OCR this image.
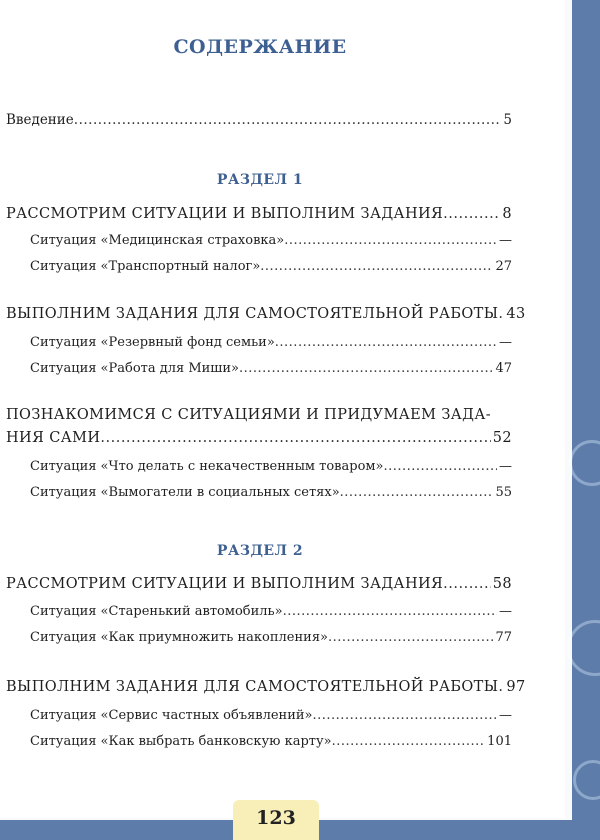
СОДЕРЖАНИЕ
Введение .....	5
РАЗДЕЛ 1
РАССМОТРИМ СИТУАЦИИ И ВЫПОЛНИМ ЗАДАНИЯ .....	8
Ситуация «Медицинская страховка» .....	—
Ситуация «Транспортный налог» .....	27
ВЫПОЛНИМ ЗАДАНИЯ ДЛЯ САМОСТОЯТЕЛЬНОЙ РАБОТЫ ..... 43
Ситуация «Резервный фонд семьи» .....	—
Ситуация «Работа для Миши» .....	47
ПОЗНАКОМИМСЯ С СИТУАЦИЯМИ И ПРИДУМАЕМ ЗАДА-
НИЯ САМИ .....	52
Ситуация «Что делать с некачественным товаром» .....	—
Ситуация «Вымогатели в социальных сетях» .....	55
РАЗДЕЛ 2
РАССМОТРИМ СИТУАЦИИ И ВЫПОЛНИМ ЗАДАНИЯ .....	58
Ситуация «Старенький автомобиль» .....	—
Ситуация «Как приумножить накопления» .....	77
ВЫПОЛНИМ ЗАДАНИЯ ДЛЯ САМОСТОЯТЕЛЬНОЙ РАБОТЫ ..... 97
Ситуация «Сервис частных объявлений» .....	—
Ситуация «Как выбрать банковскую карту» .....	101
123
